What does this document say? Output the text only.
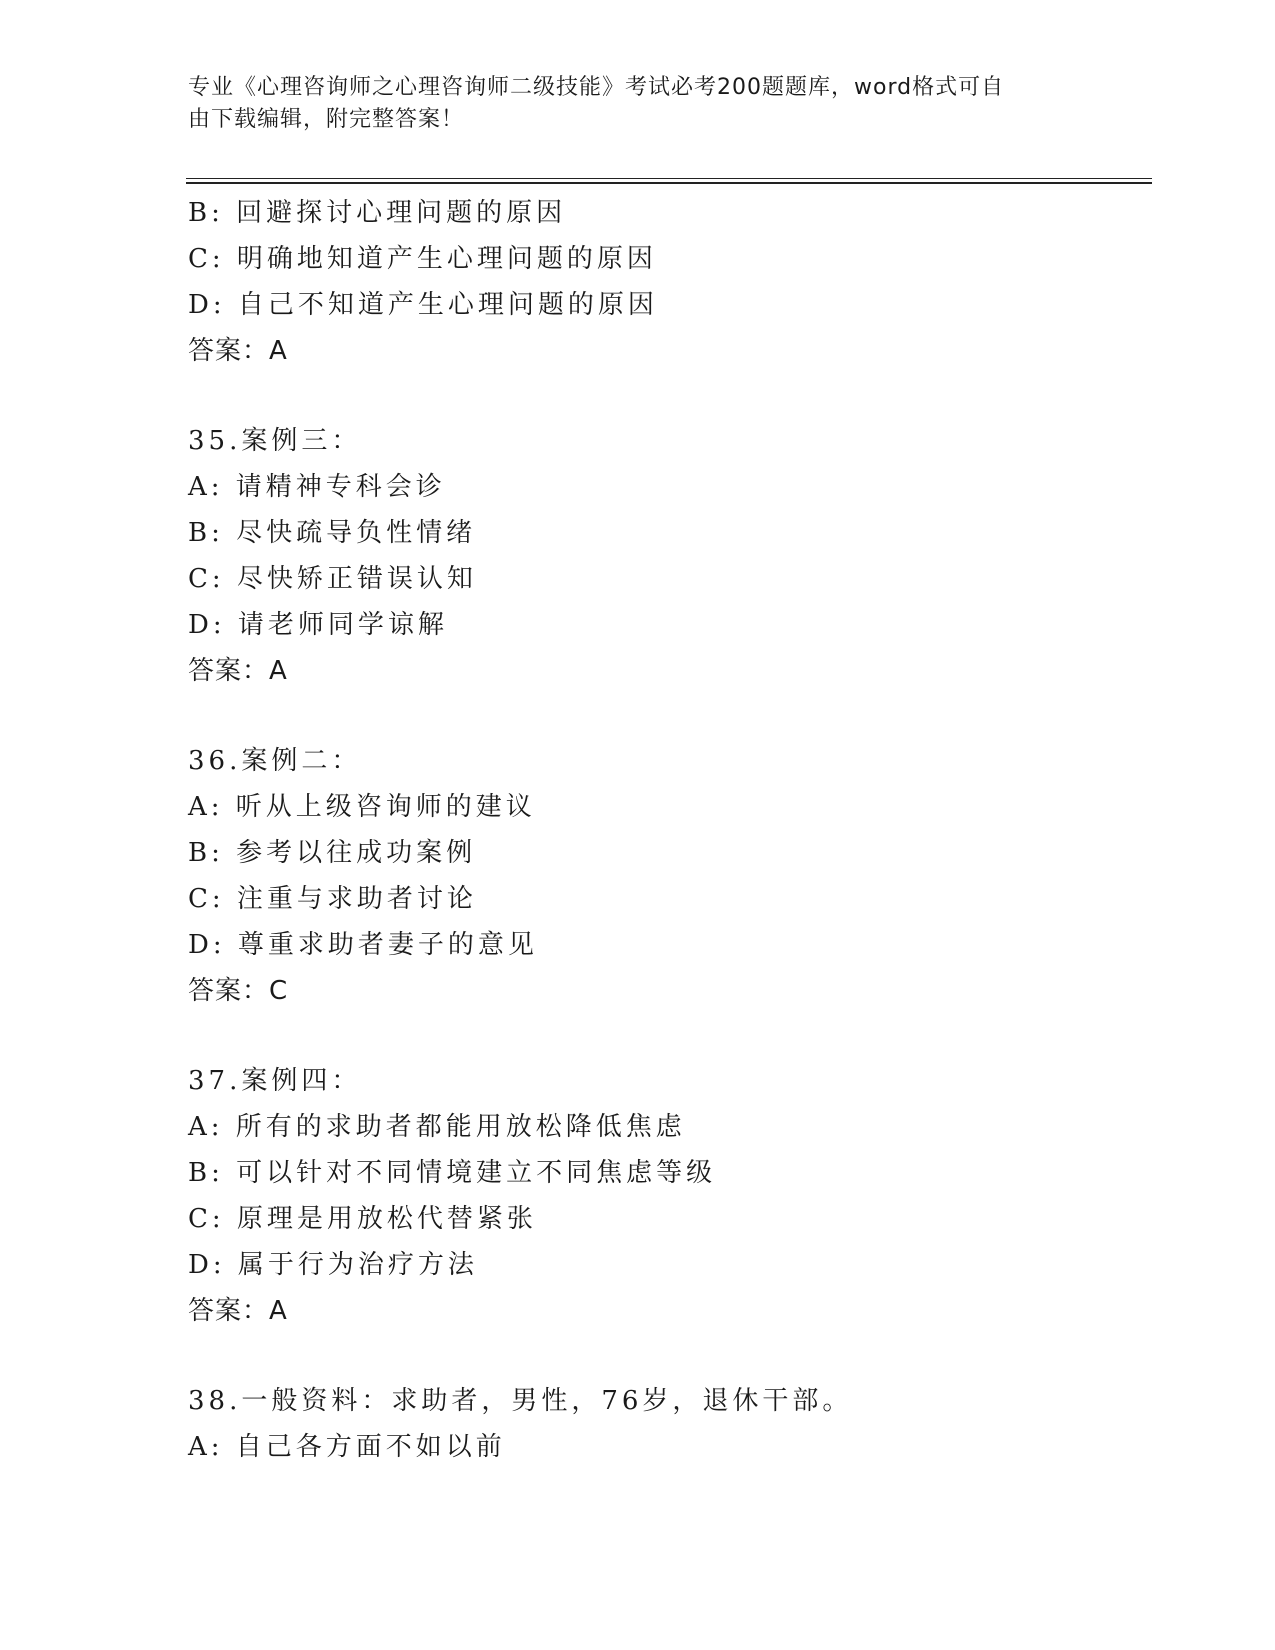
专业《心理咨询师之心理咨询师二级技能》考试必考200题题库，word格式可自
由下载编辑，附完整答案！
B: 回避探讨心理问题的原因
C: 明确地知道产生心理问题的原因
D: 自己不知道产生心理问题的原因
答案：A
35.案例三：
A: 请精神专科会诊
B: 尽快疏导负性情绪
C: 尽快矫正错误认知
D: 请老师同学谅解
答案：A
36.案例二：
A: 听从上级咨询师的建议
B: 参考以往成功案例
C: 注重与求助者讨论
D: 尊重求助者妻子的意见
答案：C
37.案例四：
A: 所有的求助者都能用放松降低焦虑
B: 可以针对不同情境建立不同焦虑等级
C: 原理是用放松代替紧张
D: 属于行为治疗方法
答案：A
38.一般资料：求助者，男性，76岁，退休干部。
A: 自己各方面不如以前
